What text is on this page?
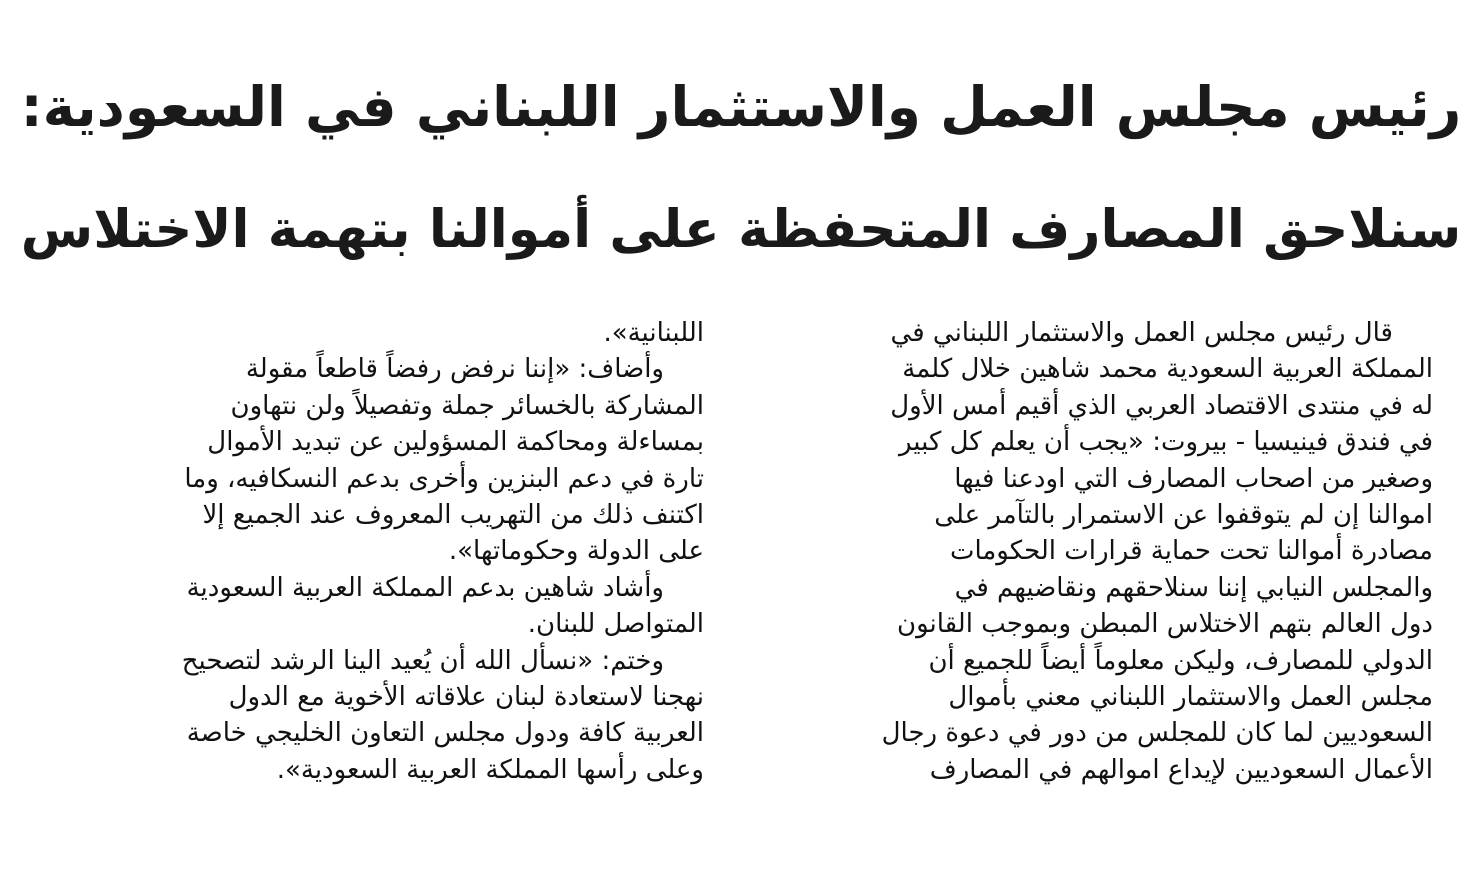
رئيس مجلس العمل والاستثمار اللبناني في السعودية:
سنلاحق المصارف المتحفظة على أموالنا بتهمة الاختلاس
قال رئيس مجلس العمل والاستثمار اللبناني في
المملكة العربية السعودية محمد شاهين خلال كلمة
له في منتدى الاقتصاد العربي الذي أقيم أمس الأول
في فندق فينيسيا - بيروت: «يجب أن يعلم كل كبير
وصغير من اصحاب المصارف التي اودعنا فيها
اموالنا إن لم يتوقفوا عن الاستمرار بالتآمر على
مصادرة أموالنا تحت حماية قرارات الحكومات
والمجلس النيابي إننا سنلاحقهم ونقاضيهم في
دول العالم بتهم الاختلاس المبطن وبموجب القانون
الدولي للمصارف، وليكن معلوماً أيضاً للجميع أن
مجلس العمل والاستثمار اللبناني معني بأموال
السعوديين لما كان للمجلس من دور في دعوة رجال
الأعمال السعوديين لإيداع اموالهم في المصارف
اللبنانية».
وأضاف: «إننا نرفض رفضاً قاطعاً مقولة
المشاركة بالخسائر جملة وتفصيلاً ولن نتهاون
بمساءلة ومحاكمة المسؤولين عن تبديد الأموال
تارة في دعم البنزين وأخرى بدعم النسكافيه، وما
اكتنف ذلك من التهريب المعروف عند الجميع إلا
على الدولة وحكوماتها».
وأشاد شاهين بدعم المملكة العربية السعودية
المتواصل للبنان.
وختم: «نسأل الله أن يُعيد الينا الرشد لتصحيح
نهجنا لاستعادة لبنان علاقاته الأخوية مع الدول
العربية كافة ودول مجلس التعاون الخليجي خاصة
وعلى رأسها المملكة العربية السعودية».
